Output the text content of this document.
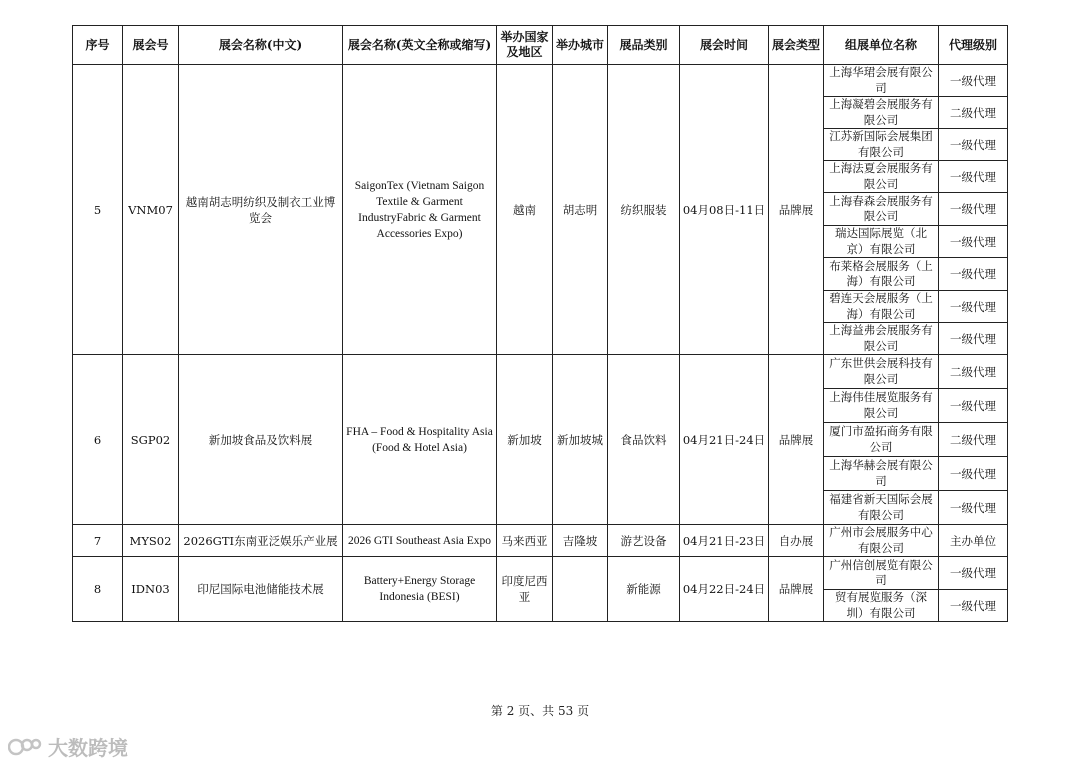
序号	展会号	展会名称(中文)	展会名称(英文全称或缩写)	举办国家及地区	举办城市	展品类别	展会时间	展会类型	组展单位名称	代理级别
5	VNM07	越南胡志明纺织及制衣工业博览会	SaigonTex (Vietnam Saigon Textile & Garment IndustryFabric & Garment Accessories Expo)	越南	胡志明	纺织服装	04月08日-11日	品牌展	上海华珺会展有限公司	一级代理
									上海凝碧会展服务有限公司	二级代理
									江苏新国际会展集团有限公司	一级代理
									上海法夏会展服务有限公司	一级代理
									上海春森会展服务有限公司	一级代理
									瑞达国际展览（北京）有限公司	一级代理
									布莱格会展服务（上海）有限公司	一级代理
									碧连天会展服务（上海）有限公司	一级代理
									上海益弗会展服务有限公司	一级代理
6	SGP02	新加坡食品及饮料展	FHA – Food & Hospitality Asia (Food & Hotel Asia)	新加坡	新加坡城	食品饮料	04月21日-24日	品牌展	广东世供会展科技有限公司	二级代理
									上海伟佳展览服务有限公司	一级代理
									厦门市盈拓商务有限公司	二级代理
									上海华赫会展有限公司	一级代理
									福建省新天国际会展有限公司	一级代理
7	MYS02	2026GTI东南亚泛娱乐产业展	2026 GTI Southeast Asia Expo	马来西亚	吉隆坡	游艺设备	04月21日-23日	自办展	广州市会展服务中心有限公司	主办单位
8	IDN03	印尼国际电池储能技术展	Battery+Energy Storage Indonesia (BESI)	印度尼西亚		新能源	04月22日-24日	品牌展	广州信创展览有限公司	一级代理
									贸有展览服务（深圳）有限公司	一级代理
第 2 页、共 53 页
大数跨境
